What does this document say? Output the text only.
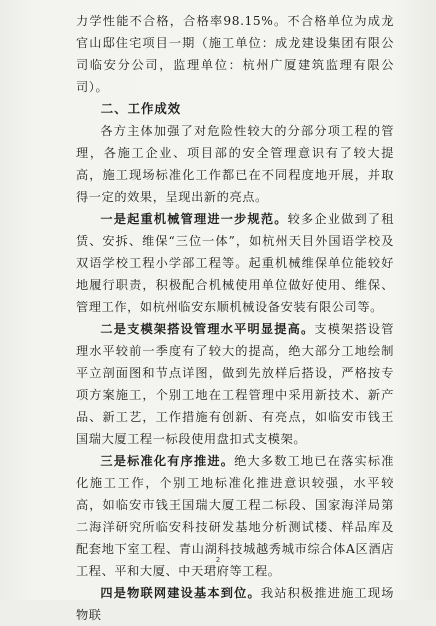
力学性能不合格，合格率98.15%。不合格单位为成龙官山邸住宅项目一期（施工单位：成龙建设集团有限公司临安分公司，监理单位：杭州广厦建筑监理有限公司）。

二、工作成效

各方主体加强了对危险性较大的分部分项工程的管理，各施工企业、项目部的安全管理意识有了较大提高，施工现场标准化工作都已在不同程度地开展，并取得一定的效果，呈现出新的亮点。

一是起重机械管理进一步规范。较多企业做到了租赁、安拆、维保“三位一体”，如杭州天目外国语学校及双语学校工程小学部工程等。起重机械维保单位能较好地履行职责，积极配合机械使用单位做好使用、维保、管理工作，如杭州临安东顺机械设备安装有限公司等。

二是支模架搭设管理水平明显提高。支模架搭设管理水平较前一季度有了较大的提高，绝大部分工地绘制平立剖面图和节点详图，做到先放样后搭设，严格按专项方案施工，个别工地在工程管理中采用新技术、新产品、新工艺，工作措施有创新、有亮点，如临安市钱王国瑞大厦工程一标段使用盘扣式支模架。

三是标准化有序推进。绝大多数工地已在落实标准化施工工作，个别工地标准化推进意识较强，水平较高，如临安市钱王国瑞大厦工程二标段、国家海洋局第二海洋研究所临安科技研发基地分析测试楼、样品库及配套地下室工程、青山湖科技城越秀城市综合体A区酒店工程、平和大厦、中天珺府等工程。

四是物联网建设基本到位。我站积极推进施工现场物联

2
